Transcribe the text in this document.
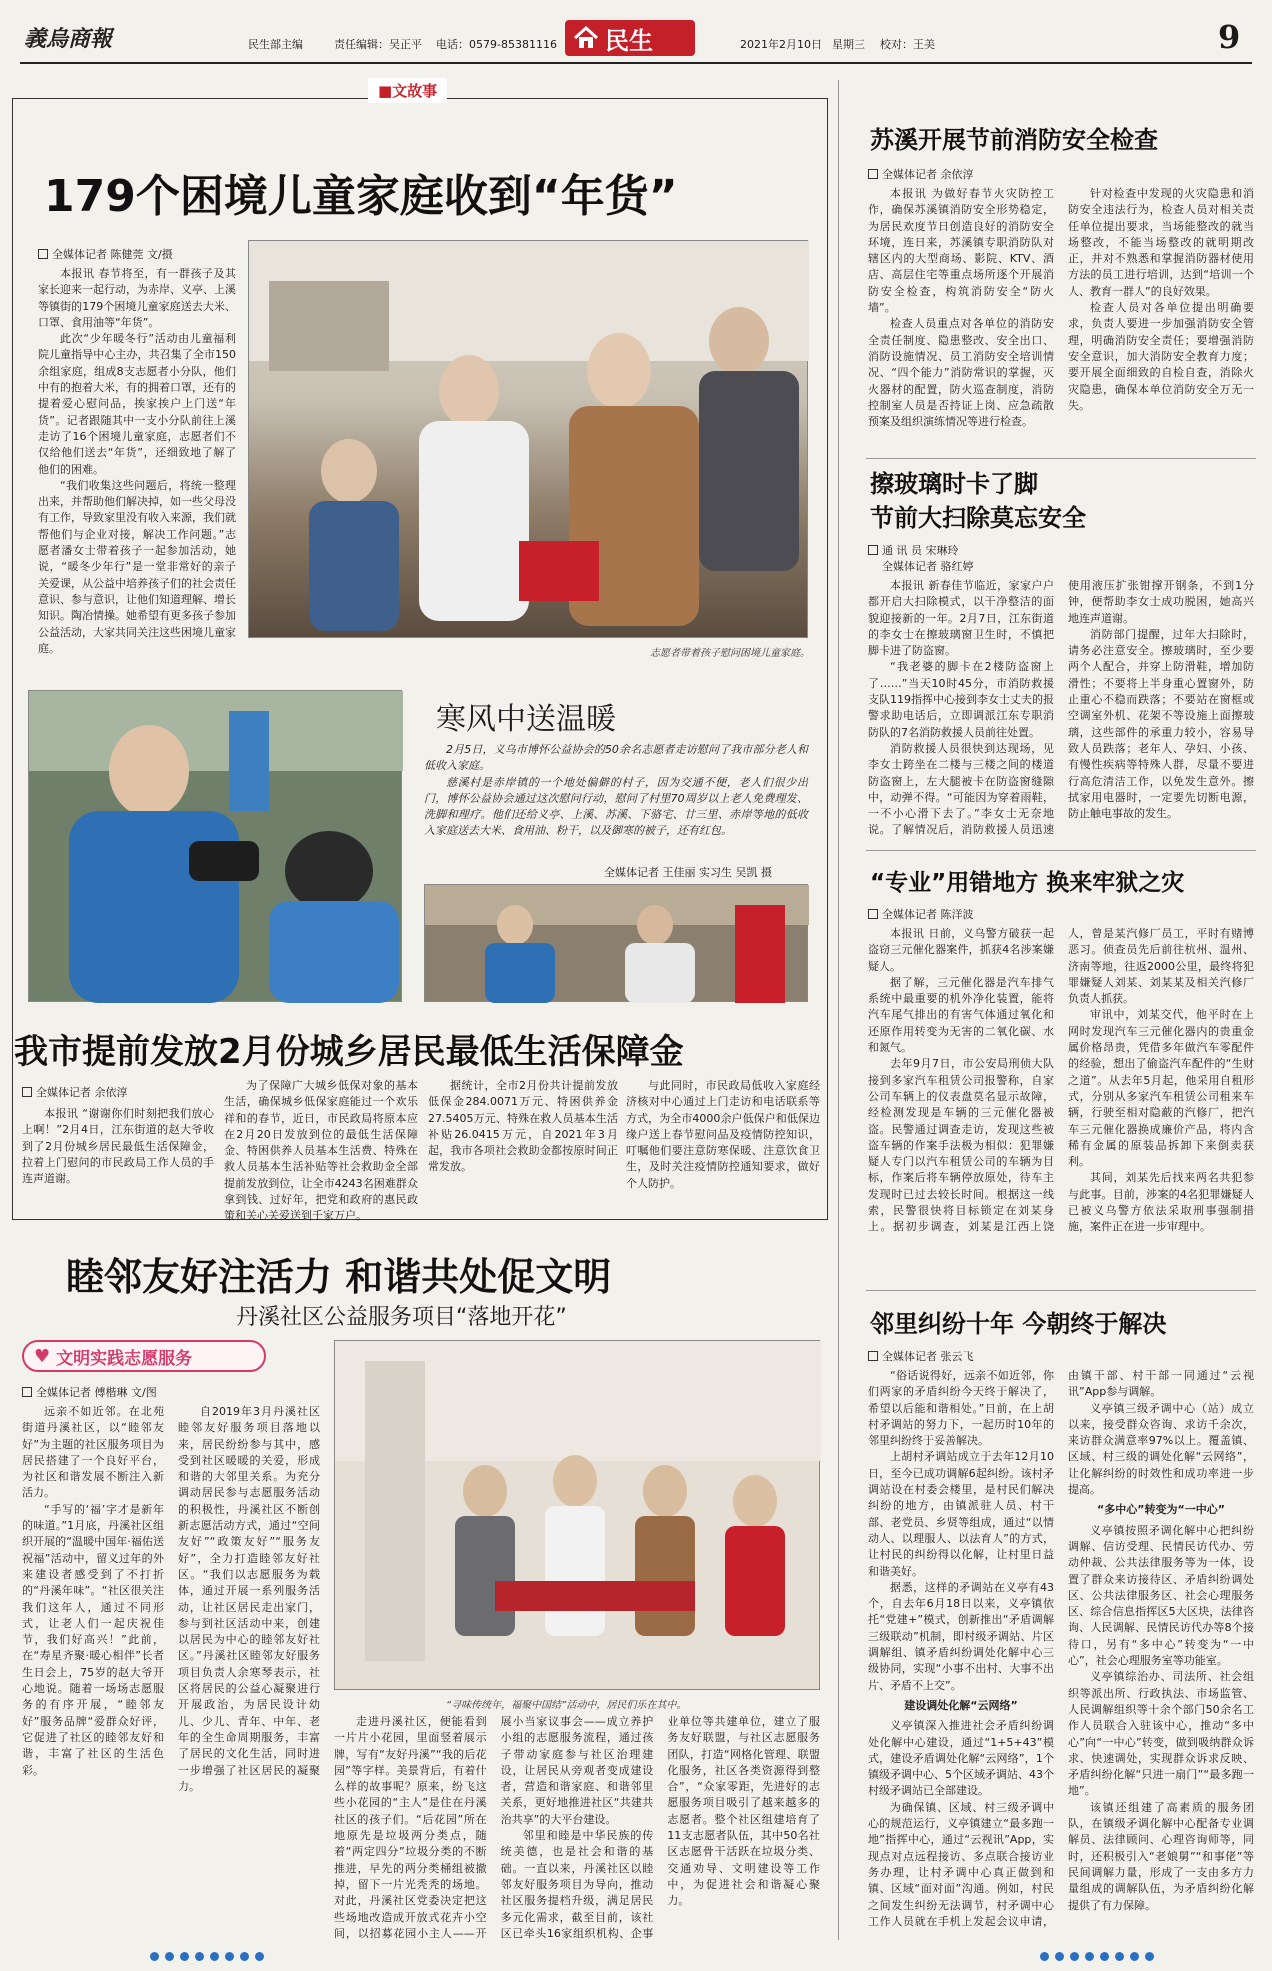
義烏商報	民生部主编	责任编辑：吴正平 电话：0579-85381116 民生	2021年2月10日 星期三 校对：王美	9
■文故事
179个困境儿童家庭收到“年货”
全媒体记者 陈健莞 文/摄

本报讯 春节将至，有一群孩子及其家长迎来一起行动，为赤岸、义亭、上溪等镇街的179个困境儿童家庭送去大米、口罩、食用油等“年货”。

此次“少年暖冬行”活动由儿童福利院儿童指导中心主办，共召集了全市150余组家庭，组成8支志愿者小分队，他们中有的抱着大米，有的拥着口罩，还有的提着爱心慰问品，挨家挨户上门送“年货”。记者跟随其中一支小分队前往上溪走访了16个困境儿童家庭，志愿者们不仅给他们送去“年货”，还细致地了解了他们的困难。

“我们收集这些问题后，将统一整理出来，并帮助他们解决掉，如一些父母没有工作，导致家里没有收入来源，我们就帮他们与企业对接，解决工作问题。”志愿者潘女士带着孩子一起参加活动，她说，“暖冬少年行”是一堂非常好的亲子关爱课，从公益中培养孩子们的社会责任意识、参与意识，让他们知道理解、增长知识。陶冶情操。她希望有更多孩子参加公益活动，大家共同关注这些困境儿童家庭。	志愿者带着孩子慰问困境儿童家庭。
寒风中送温暖

2月5日，义乌市博怀公益协会的50余名志愿者走访慰问了我市部分老人和低收入家庭。

慈溪村是赤岸镇的一个地处偏僻的村子，因为交通不便，老人们很少出门，博怀公益协会通过这次慰问行动，慰问了村里70周岁以上老人免费理发、洗脚和理疗。他们还给义亭、上溪、苏溪、下骆宅、廿三里、赤岸等地的低收入家庭送去大米、食用油、粉干，以及御寒的被子，还有红包。

全媒体记者 王佳丽 实习生 吴凯 摄
我市提前发放2月份城乡居民最低生活保障金
全媒体记者 余依淳

本报讯 “谢谢你们时刻把我们放心上啊！”2月4日，江东街道的赵大爷收到了2月份城乡居民最低生活保障金，拉着上门慰问的市民政局工作人员的手连声道谢。

为了保障广大城乡低保对象的基本生活，确保城乡低保家庭能过一个欢乐祥和的春节，近日，市民政局将原本应在2月20日发放到位的最低生活保障金、特困供养人员基本生活费、特殊在救人员基本生活补贴等社会救助金全部提前发放到位，让全市4243名困难群众拿到钱、过好年，把党和政府的惠民政策和关心关爱送到千家万户。

据统计，全市2月份共计提前发放低保金284.0071万元、特困供养金27.5405万元、特殊在救人员基本生活补贴26.0415万元，自2021年3月起，我市各项社会救助金都按原时间正常发放。

与此同时，市民政局低收入家庭经济核对中心通过上门走访和电话联系等方式，为全市4000余户低保户和低保边缘户送上春节慰问品及疫情防控知识，叮嘱他们要注意防寒保暖、注意饮食卫生，及时关注疫情防控通知要求，做好个人防护。

睦邻友好注活力 和谐共处促文明
丹溪社区公益服务项目“落地开花”
♥ 文明实践志愿服务
全媒体记者 傅楷琳 文/图

远亲不如近邻。在北苑街道丹溪社区，以“睦邻友好”为主题的社区服务项目为居民搭建了一个良好平台，为社区和谐发展不断注入新活力。

“手写的‘福’字才是新年的味道。”1月底，丹溪社区组织开展的“温暖中国年·福佑送祝福”活动中，留义过年的外来建设者感受到了不打折的“丹溪年味”。“社区很关注我们这年人，通过不同形式，让老人们一起庆祝佳节，我们好高兴！”此前，在“寿星齐聚·暖心相伴”长者生日会上，75岁的赵大爷开心地说。随着一场场志愿服务的有序开展，“睦邻友好”服务品牌“爱群众好评，它促进了社区的睦邻友好和谐，丰富了社区的生活色彩。

自2019年3月丹溪社区睦邻友好服务项目落地以来，居民纷纷参与其中，感受到社区暖暖的关爱，形成和谐的大邻里关系。为充分调动居民参与志愿服务活动的积极性，丹溪社区不断创新志愿活动方式，通过“空间友好”“政策友好”“服务友好”，全力打造睦邻友好社区。“我们以志愿服务为载体，通过开展一系列服务活动，让社区居民走出家门，参与到社区活动中来，创建以居民为中心的睦邻友好社区。”丹溪社区睦邻友好服务项目负责人余寒琴表示，社区将居民的公益心凝聚进行开展政治，为居民设计幼儿、少儿、青年、中年、老年的全生命周期服务，丰富了居民的文化生活，同时进一步增强了社区居民的凝聚力。

“寻味传统年，福聚中国结”活动中，居民们乐在其中。

走进丹溪社区，便能看到一片片小花园，里面竖着展示牌，写有“友好丹溪”“我的后花园”等字样。美景背后，有着什么样的故事呢？原来，纷飞这些小花园的“主人”是住在丹溪社区的孩子们。“后花园”所在地原先是垃圾两分类点，随着“两定四分”垃圾分类的不断推进，早先的两分类桶组被撤掉，留下一片光秃秃的场地。对此，丹溪社区党委决定把这些场地改造成开放式花卉小空间，以招募花园小主人——开展小当家议事会——成立养护小组的志愿服务流程，通过孩子带动家庭参与社区治理建设，让居民从旁观者变成建设者，营造和谐家庭、和谐邻里关系，更好地推进社区“共建共治共享”的大平台建设。

邻里和睦是中华民族的传统美德，也是社会和谐的基础。一直以来，丹溪社区以睦邻友好服务项目为导向，推动社区服务提档升级，满足居民多元化需求，截至目前，该社区已牵头16家组织机构、企事业单位等共建单位，建立了服务友好联盟，与社区志愿服务团队，打造“网格化管理、联盟化服务，社区各类资源得到整合”，“众家零距，先进好的志愿服务项目吸引了越来越多的志愿者。整个社区组建培育了11支志愿者队伍，其中50名社区志愿骨干活跃在垃圾分类、交通劝导、文明建设等工作中，为促进社会和谐凝心聚力。

苏溪开展节前消防安全检查
全媒体记者 余依淳

本报讯 为做好春节火灾防控工作，确保苏溪镇消防安全形势稳定，为居民欢度节日创造良好的消防安全环境，连日来，苏溪镇专职消防队对辖区内的大型商场、影院、KTV、酒店、高层住宅等重点场所逐个开展消防安全检查，构筑消防安全“防火墙”。

检查人员重点对各单位的消防安全责任制度、隐患整改、安全出口、消防设施情况、员工消防安全培训情况、“四个能力”消防常识的掌握，灭火器材的配置，防火巡查制度，消防控制室人员是否持证上岗、应急疏散预案及组织演练情况等进行检查。

针对检查中发现的火灾隐患和消防安全违法行为，检查人员对相关责任单位提出要求，当场能整改的就当场整改，不能当场整改的就明期改正，并对不熟悉和掌握消防器材使用方法的员工进行培训，达到“培训一个人、教育一群人”的良好效果。

检查人员对各单位提出明确要求，负责人要进一步加强消防安全管理，明确消防安全责任；要增强消防安全意识，加大消防安全教育力度；要开展全面细致的自检自查，消除火灾隐患，确保本单位消防安全万无一失。

擦玻璃时卡了脚
节前大扫除莫忘安全
通 讯 员 宋琳玲
全媒体记者 骆红婷

本报讯 新春佳节临近，家家户户都开启大扫除模式，以干净整洁的面貌迎接新的一年。2月7日，江东街道的李女士在擦玻璃窗卫生时，不慎把脚卡进了防盗窗。

“我老婆的脚卡在2楼防盗窗上了……”当天10时45分，市消防救援支队119指挥中心接到李女士丈夫的报警求助电话后，立即调派江东专职消防队的7名消防救援人员前往处置。

消防救援人员很快到达现场，见李女士跨坐在二楼与三楼之间的楼道防盗窗上，左大腿被卡在防盗窗缝隙中，动弹不得。“可能因为穿着雨鞋，一不小心滑下去了。”李女士无奈地说。了解情况后，消防救援人员迅速使用液压扩张钳撑开钢条，不到1分钟，便帮助李女士成功脱困，她高兴地连声道谢。

消防部门提醒，过年大扫除时，请务必注意安全。擦玻璃时，至少要两个人配合，并穿上防滑鞋，增加防滑性；不要将上半身重心置窗外，防止重心不稳而跌落；不要站在窗框或空调室外机、花架不等设施上面擦玻璃，这些部件的承重力较小，容易导致人员跌落；老年人、孕妇、小孩、有慢性疾病等特殊人群，尽量不要进行高危清洁工作，以免发生意外。擦拭家用电器时，一定要先切断电源，防止触电事故的发生。

“专业”用错地方 换来牢狱之灾
全媒体记者 陈洋波

本报讯 日前，义乌警方破获一起盗窃三元催化器案件，抓获4名涉案嫌疑人。

据了解，三元催化器是汽车排气系统中最重要的机外净化装置，能将汽车尾气排出的有害气体通过氧化和还原作用转变为无害的二氧化碳、水和氮气。

去年9月7日，市公安局刑侦大队接到多家汽车租赁公司报警称，自家公司车辆上的仪表盘莫名显示故障，经检测发现是车辆的三元催化器被盗。民警通过调查走访，发现这些被盗车辆的作案手法极为相似：犯罪嫌疑人专门以汽车租赁公司的车辆为目标，作案后将车辆停放原处，待车主发现时已过去较长时间。根据这一线索，民警很快将目标锁定在刘某身上。据初步调查，刘某是江西上饶人，曾是某汽修厂员工，平时有赌博恶习。侦查员先后前往杭州、温州、济南等地，往返2000公里，最终将犯罪嫌疑人刘某、刘某某及相关汽修厂负责人抓获。

审讯中，刘某交代，他平时在上网时发现汽车三元催化器内的贵重金属价格昂贵，凭借多年做汽车零配件的经验，想出了偷盗汽车配件的“生财之道”。从去年5月起，他采用自租形式，分别从多家汽车租赁公司租来车辆，行驶至相对隐蔽的汽修厂，把汽车三元催化器换成廉价产品，将内含稀有金属的原装品拆卸下来倒卖获利。

其间，刘某先后找来两名共犯参与此事。目前，涉案的4名犯罪嫌疑人已被义乌警方依法采取刑事强制措施，案件正在进一步审理中。

邻里纠纷十年 今朝终于解决
全媒体记者 张云飞

“俗话说得好，远亲不如近邻，你们两家的矛盾纠纷今天终于解决了，希望以后能和谐相处。”日前，在上胡村矛调站的努力下，一起历时10年的邻里纠纷终于妥善解决。

上胡村矛调站成立于去年12月10日，至今已成功调解6起纠纷。该村矛调站设在村委会楼里，是村民们解决纠纷的地方，由镇派驻人员、村干部、老党员、乡贤等组成，通过“以情动人、以理服人、以法育人”的方式，让村民的纠纷得以化解，让村里日益和谐美好。

据悉，这样的矛调站在义亭有43个，自去年6月18日以来，义亭镇依托“党建+”模式，创新推出“矛盾调解三级联动”机制，即村级矛调站、片区调解组、镇矛盾纠纷调处化解中心三级协同，实现“小事不出村、大事不出片、矛盾不上交”。

建设调处化解“云网络”

义亭镇深入推进社会矛盾纠纷调处化解中心建设，通过“1+5+43”模式，建设矛盾调处化解“云网络”，1个镇级矛调中心、5个区域矛调站、43个村级矛调站已全部建设。

为确保镇、区域、村三级矛调中心的规范运行，义亭镇建立“最多跑一地”指挥中心，通过“云视讯”App，实现点对点远程接访、多点联合接访业务办理，让村矛调中心真正做到和镇、区域“面对面”沟通。例如，村民之间发生纠纷无法调节，村矛调中心工作人员就在手机上发起会议申请，由镇干部、村干部一同通过“云视讯”App参与调解。

义亭镇三级矛调中心（站）成立以来，接受群众咨询、求访千余次，来访群众满意率97%以上。覆盖镇、区域、村三级的调处化解“云网络”，让化解纠纷的时效性和成功率进一步提高。

“多中心”转变为“一中心”

义亭镇按照矛调化解中心把纠纷调解、信访受理、民情民访代办、劳动仲裁、公共法律服务等为一体，设置了群众来访接待区、矛盾纠纷调处区、公共法律服务区、社会心理服务区、综合信息指挥区5大区块，法律咨询、人民调解、民情民访代办等8个接待口，另有“多中心”转变为“一中心”，社会心理服务室等功能室。

义亭镇综治办、司法所、社会组织等派出所、行政执法、市场监管、人民调解组织等十余个部门50余名工作人员联合入驻该中心，推动“多中心”向“一中心”转变，做到吸纳群众诉求、快速调处，实现群众诉求反映、矛盾纠纷化解“只进一扇门”“最多跑一地”。

该镇还组建了高素质的服务团队，在镇级矛调化解中心配备专业调解员、法律顾问、心理咨询师等，同时，还积极引入“老娘舅”“和事佬”等民间调解力量，形成了一支由多方力量组成的调解队伍，为矛盾纠纷化解提供了有力保障。
